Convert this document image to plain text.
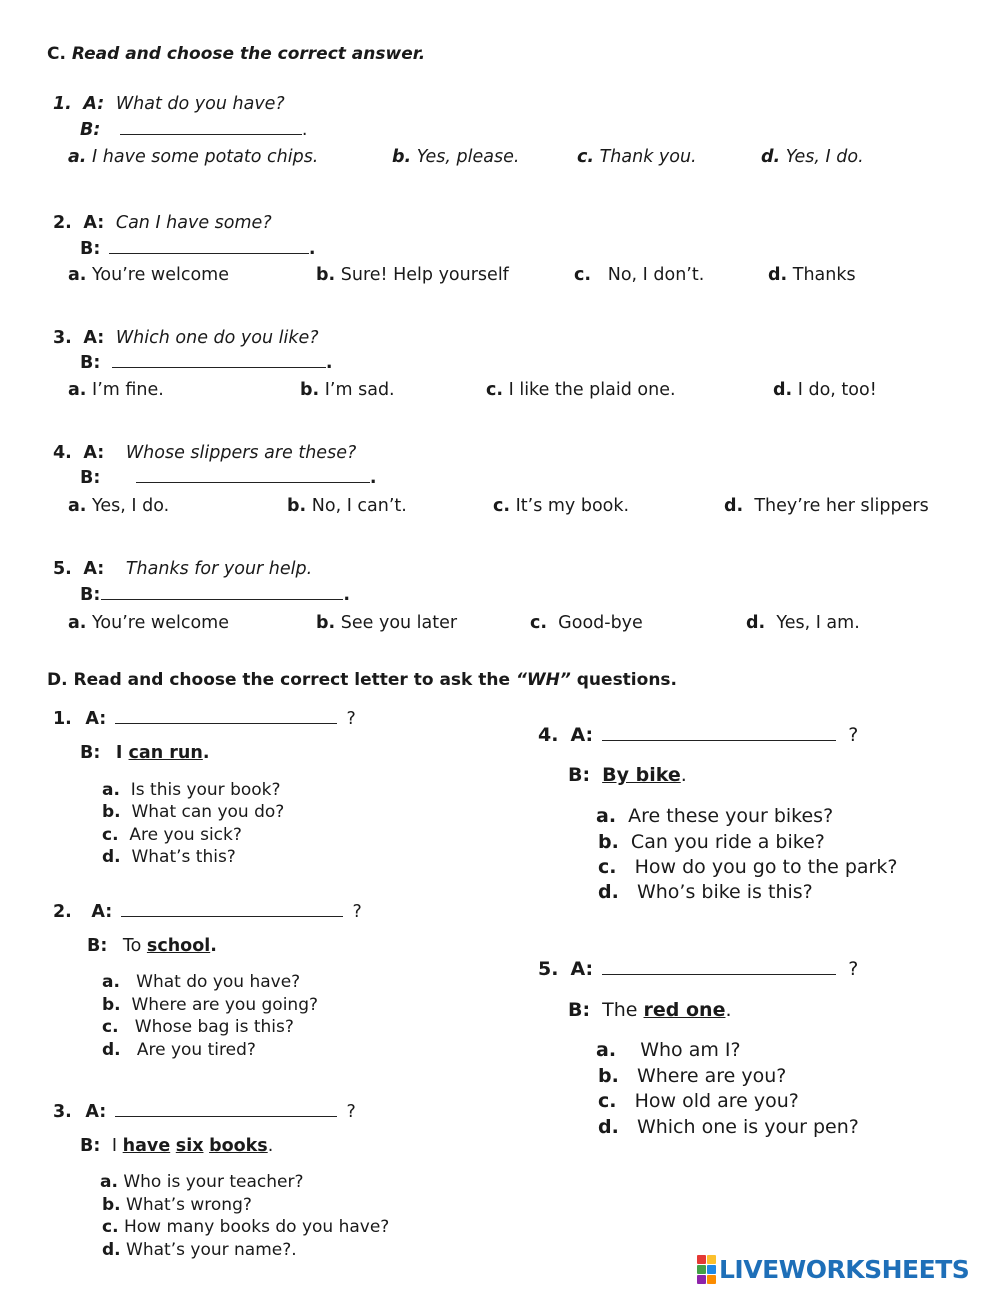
C. Read and choose the correct answer.
1. A: What do you have?
B:	.
a. I have some potato chips.	b. Yes, please.	c. Thank you.	d. Yes, I do.
2. A: Can I have some?
B:	.
a. You’re welcome	b. Sure! Help yourself	c. No, I don’t.	d. Thanks
3. A: Which one do you like?
B:	.
a. I’m fine.	b. I’m sad.	c. I like the plaid one.	d. I do, too!
4. A: Whose slippers are these?
B:	.
a. Yes, I do.	b. No, I can’t.	c. It’s my book.	d. They’re her slippers
5. A: Thanks for your help.
B:	.
a. You’re welcome	b. See you later	c. Good-bye	d. Yes, I am.
D. Read and choose the correct letter to ask the “WH” questions.
1. A:	?
B: I can run.
a. Is this your book?
b. What can you do?
c. Are you sick?
d. What’s this?
2. A:	?
B: To school.
a. What do you have?
b. Where are you going?
c. Whose bag is this?
d. Are you tired?
3. A:	?
B: I have six books.
a. Who is your teacher?
b. What’s wrong?
c. How many books do you have?
d. What’s your name?.
4. A:	?
B: By bike.
a. Are these your bikes?
b. Can you ride a bike?
c. How do you go to the park?
d. Who’s bike is this?
5. A:	?
B: The red one.
a. Who am I?
b. Where are you?
c. How old are you?
d. Which one is your pen?
LIVEWORKSHEETS
